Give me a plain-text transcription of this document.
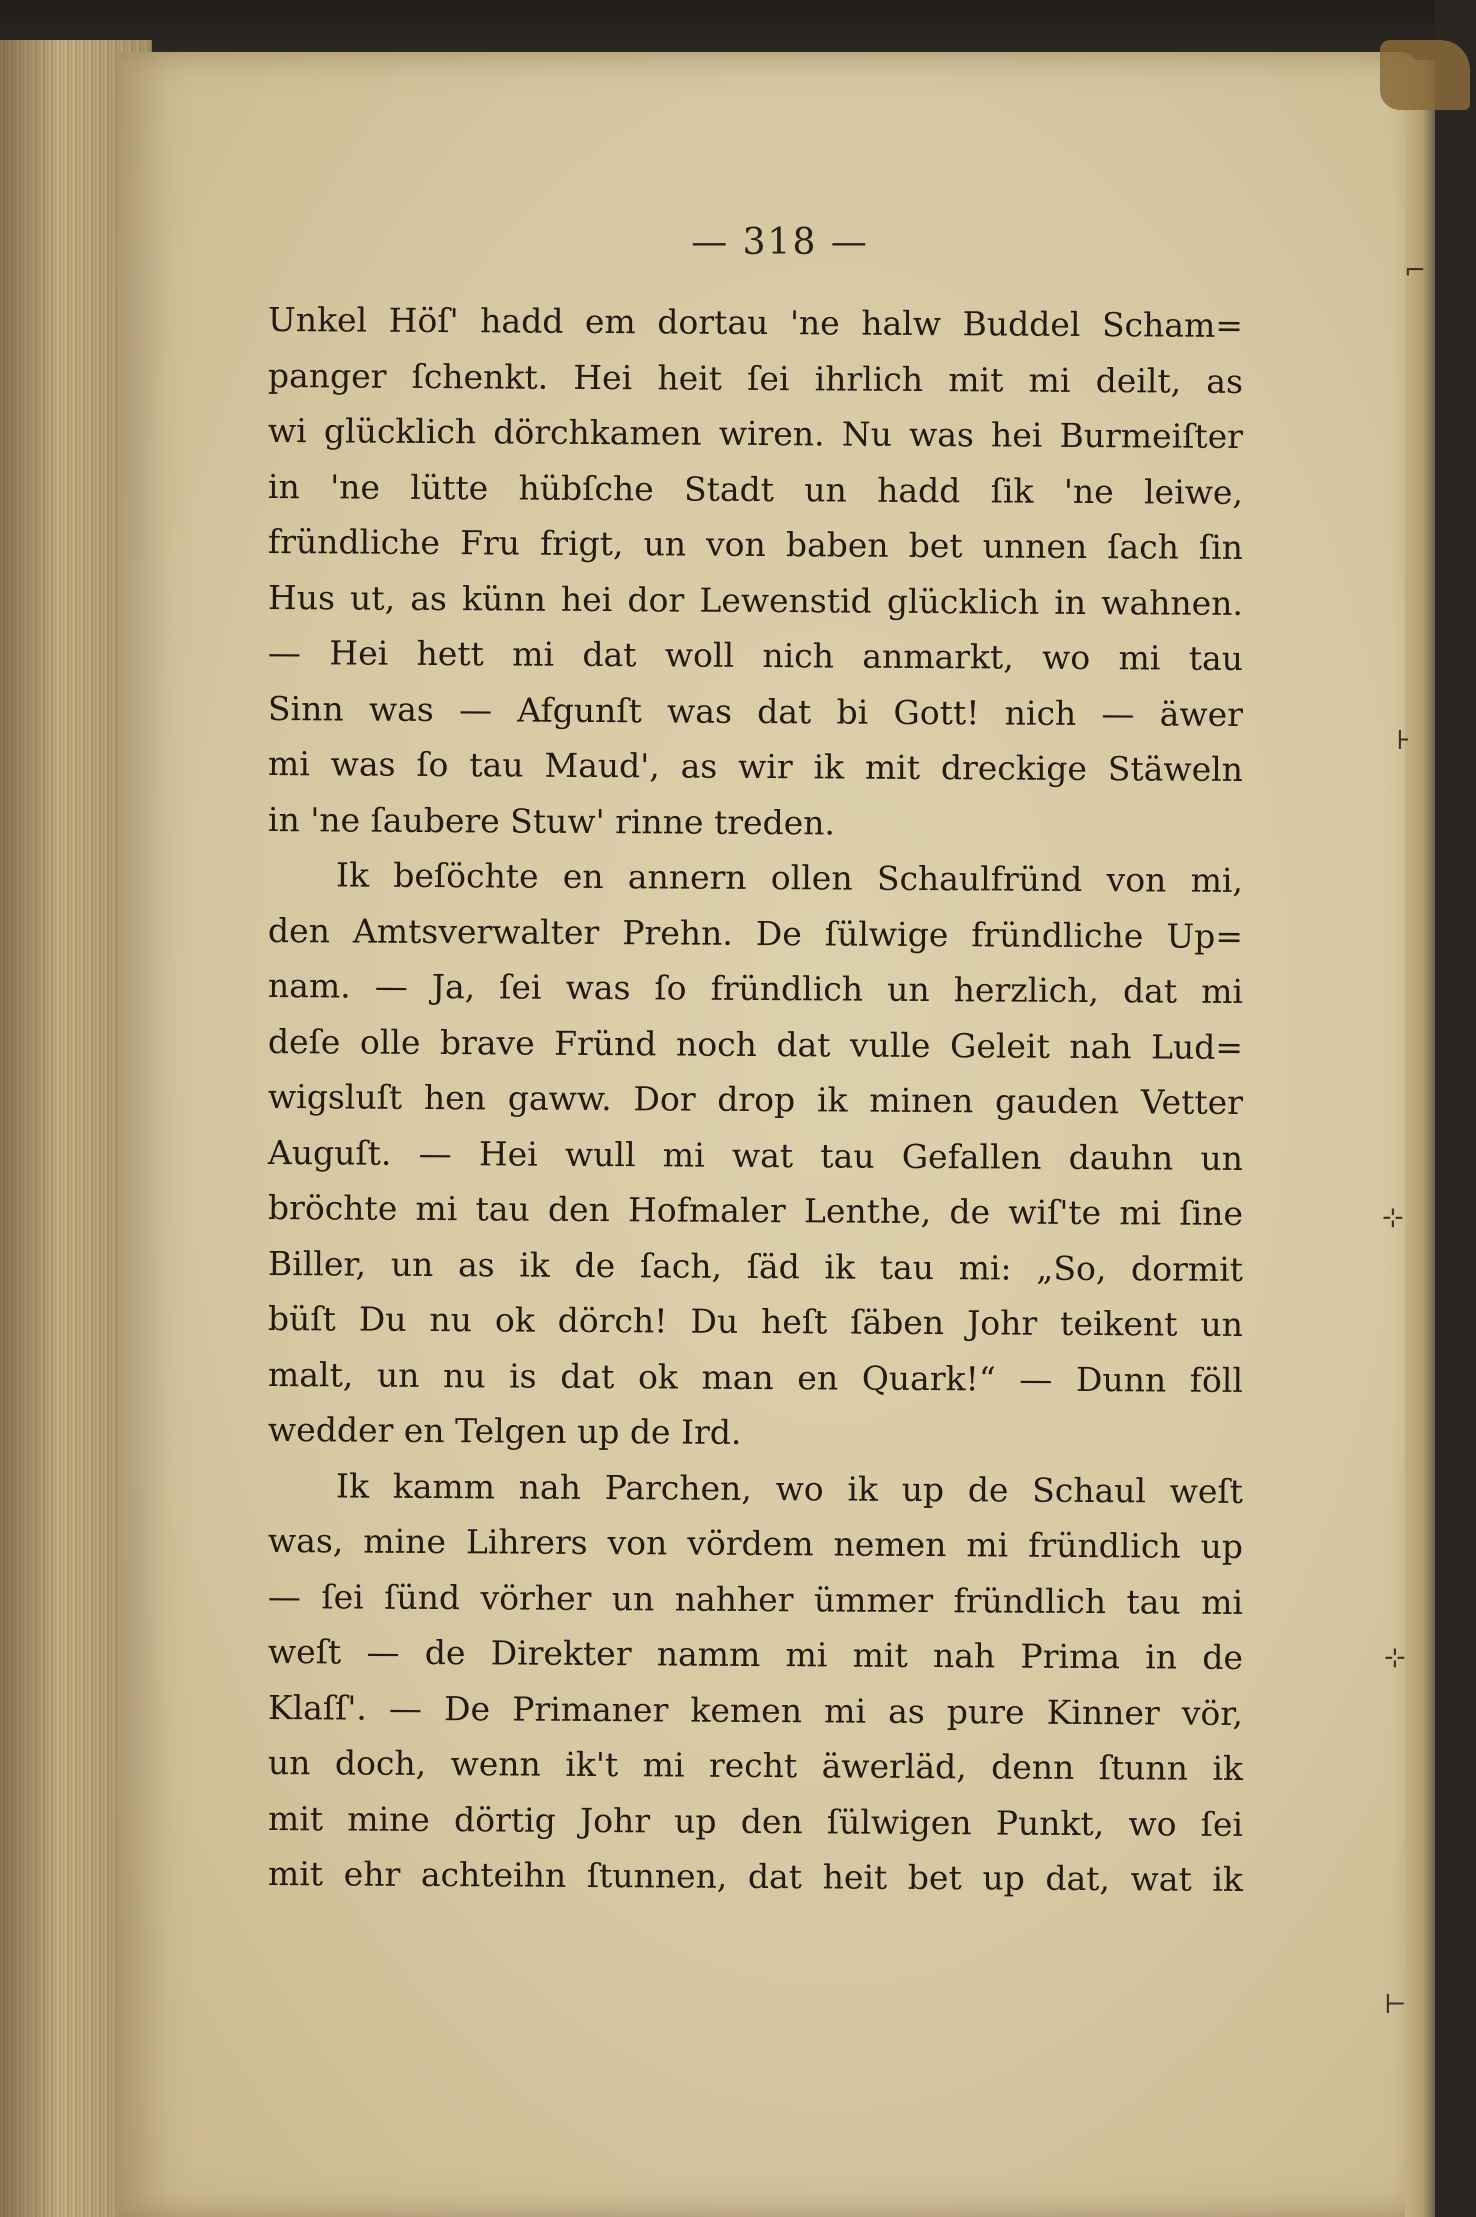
⌐
⊦
⊹
⊹
⊢
— 318 —
Unkel Höſ' hadd em dortau 'ne halw Buddel Scham=
panger ſchenkt. Hei heit ſei ihrlich mit mi deilt, as
wi glücklich dörchkamen wiren. Nu was hei Burmeiſter
in 'ne lütte hübſche Stadt un hadd ſik 'ne leiwe,
fründliche Fru frigt, un von baben bet unnen ſach ſin
Hus ut, as künn hei dor Lewenstid glücklich in wahnen.
— Hei hett mi dat woll nich anmarkt, wo mi tau
Sinn was — Afgunſt was dat bi Gott! nich — äwer
mi was ſo tau Maud', as wir ik mit dreckige Stäweln
in 'ne ſaubere Stuw' rinne treden.
Ik beſöchte en annern ollen Schaulfründ von mi,
den Amtsverwalter Prehn. De ſülwige fründliche Up=
nam. — Ja, ſei was ſo fründlich un herzlich, dat mi
deſe olle brave Fründ noch dat vulle Geleit nah Lud=
wigsluſt hen gaww. Dor drop ik minen gauden Vetter
Auguſt. — Hei wull mi wat tau Gefallen dauhn un
bröchte mi tau den Hofmaler Lenthe, de wiſ'te mi ſine
Biller, un as ik de ſach, ſäd ik tau mi: „So, dormit
büſt Du nu ok dörch! Du heſt ſäben Johr teikent un
malt, un nu is dat ok man en Quark!“ — Dunn föll
wedder en Telgen up de Ird.
Ik kamm nah Parchen, wo ik up de Schaul weſt
was, mine Lihrers von vördem nemen mi fründlich up
— ſei ſünd vörher un nahher ümmer fründlich tau mi
weſt — de Direkter namm mi mit nah Prima in de
Klaſſ'. — De Primaner kemen mi as pure Kinner vör,
un doch, wenn ik't mi recht äwerläd, denn ſtunn ik
mit mine dörtig Johr up den ſülwigen Punkt, wo ſei
mit ehr achteihn ſtunnen, dat heit bet up dat, wat ik
